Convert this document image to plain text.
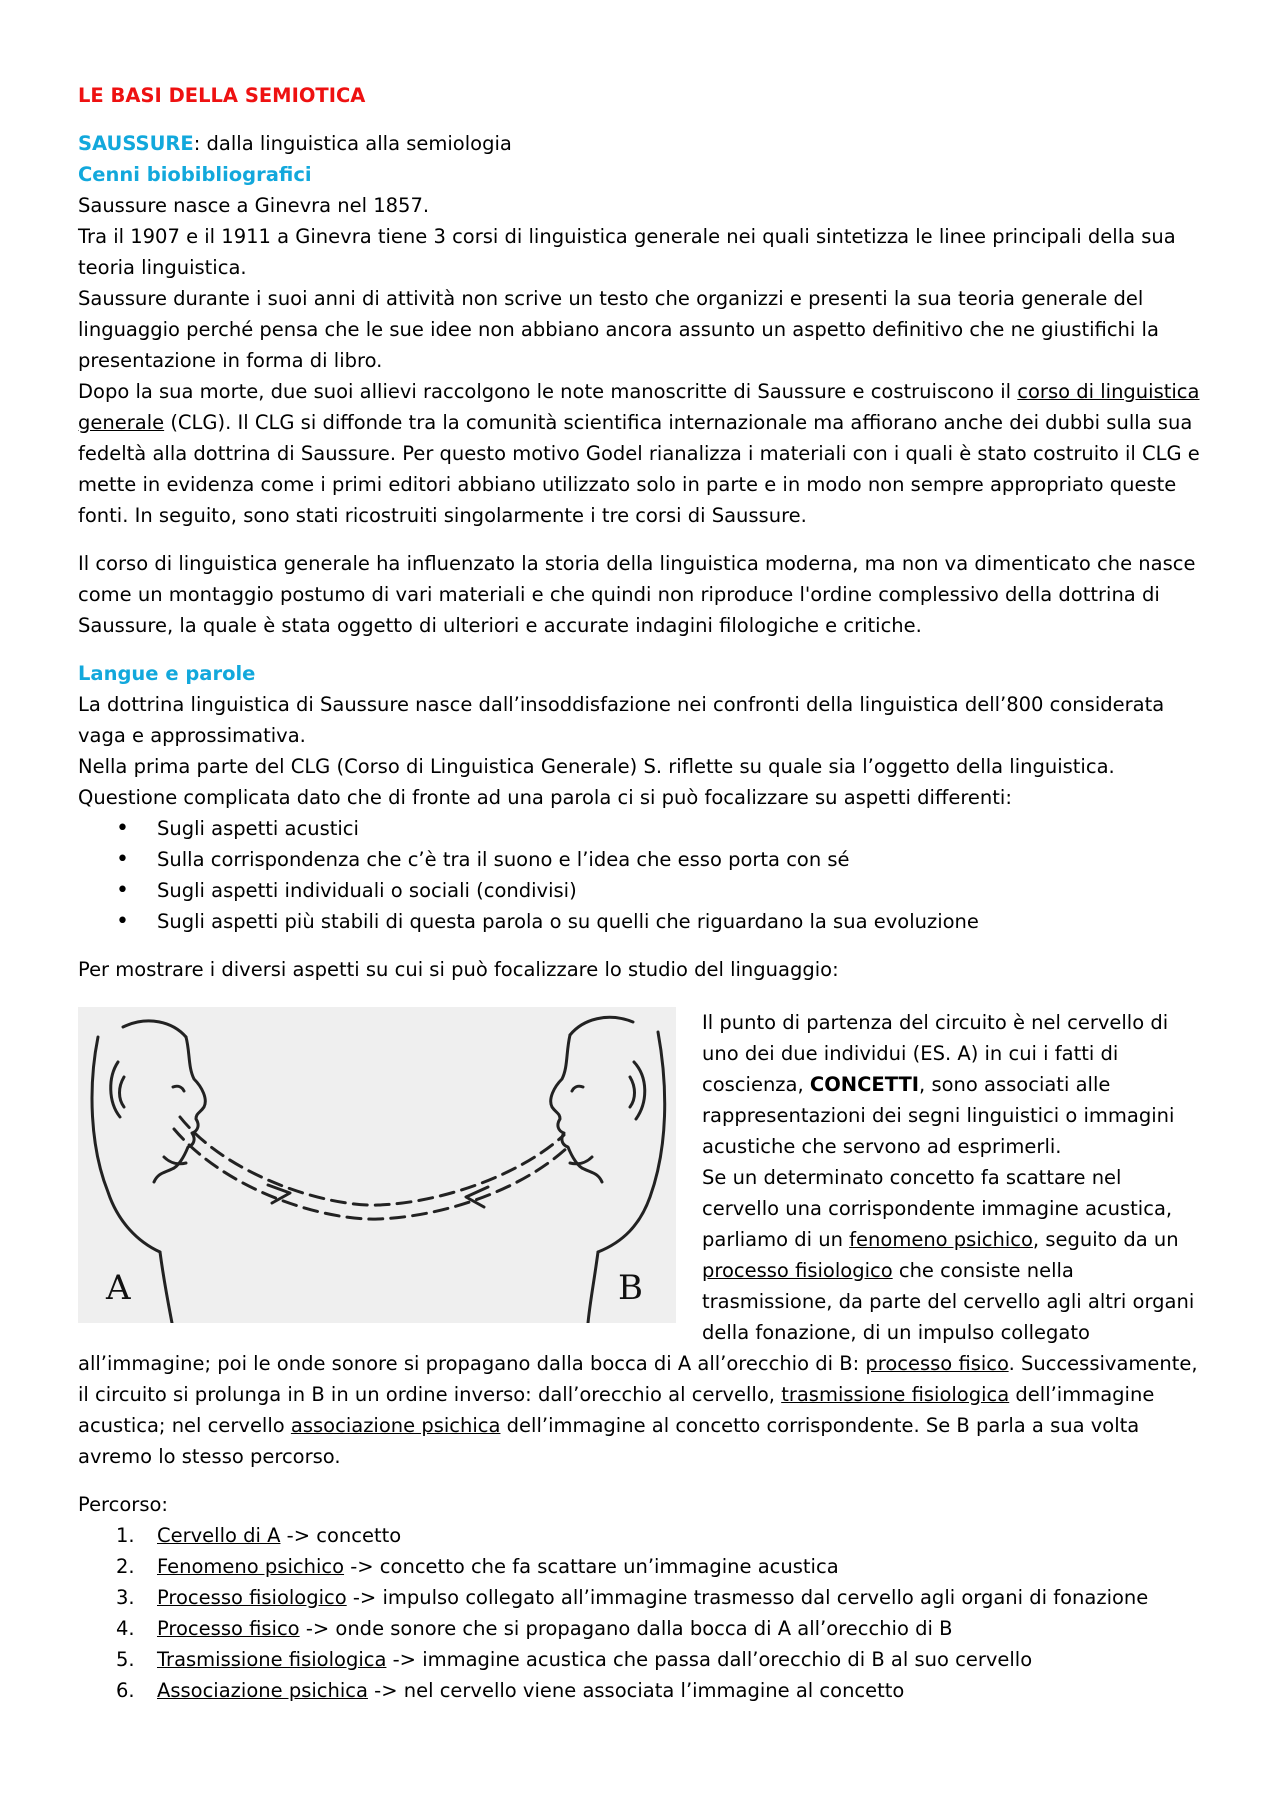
LE BASI DELLA SEMIOTICA

SAUSSURE: dalla linguistica alla semiologia

Cenni biobibliografici

Saussure nasce a Ginevra nel 1857.

Tra il 1907 e il 1911 a Ginevra tiene 3 corsi di linguistica generale nei quali sintetizza le linee principali della sua teoria linguistica.

Saussure durante i suoi anni di attività non scrive un testo che organizzi e presenti la sua teoria generale del linguaggio perché pensa che le sue idee non abbiano ancora assunto un aspetto definitivo che ne giustifichi la presentazione in forma di libro.

Dopo la sua morte, due suoi allievi raccolgono le note manoscritte di Saussure e costruiscono il corso di linguistica generale (CLG). Il CLG si diffonde tra la comunità scientifica internazionale ma affiorano anche dei dubbi sulla sua fedeltà alla dottrina di Saussure. Per questo motivo Godel rianalizza i materiali con i quali è stato costruito il CLG e mette in evidenza come i primi editori abbiano utilizzato solo in parte e in modo non sempre appropriato queste fonti. In seguito, sono stati ricostruiti singolarmente i tre corsi di Saussure.

Il corso di linguistica generale ha influenzato la storia della linguistica moderna, ma non va dimenticato che nasce come un montaggio postumo di vari materiali e che quindi non riproduce l'ordine complessivo della dottrina di Saussure, la quale è stata oggetto di ulteriori e accurate indagini filologiche e critiche.

Langue e parole

La dottrina linguistica di Saussure nasce dall’insoddisfazione nei confronti della linguistica dell’800 considerata vaga e approssimativa.

Nella prima parte del CLG (Corso di Linguistica Generale) S. riflette su quale sia l’oggetto della linguistica. Questione complicata dato che di fronte ad una parola ci si può focalizzare su aspetti differenti:

• Sugli aspetti acustici
• Sulla corrispondenza che c’è tra il suono e l’idea che esso porta con sé
• Sugli aspetti individuali o sociali (condivisi)
• Sugli aspetti più stabili di questa parola o su quelli che riguardano la sua evoluzione

Per mostrare i diversi aspetti su cui si può focalizzare lo studio del linguaggio:

A	B

Il punto di partenza del circuito è nel cervello di uno dei due individui (ES. A) in cui i fatti di coscienza, CONCETTI, sono associati alle rappresentazioni dei segni linguistici o immagini acustiche che servono ad esprimerli.

Se un determinato concetto fa scattare nel cervello una corrispondente immagine acustica, parliamo di un fenomeno psichico, seguito da un processo fisiologico che consiste nella trasmissione, da parte del cervello agli altri organi della fonazione, di un impulso collegato all’immagine; poi le onde sonore si propagano dalla bocca di A all’orecchio di B: processo fisico. Successivamente, il circuito si prolunga in B in un ordine inverso: dall’orecchio al cervello, trasmissione fisiologica dell’immagine acustica; nel cervello associazione psichica dell’immagine al concetto corrispondente. Se B parla a sua volta avremo lo stesso percorso.

Percorso:

1. Cervello di A -> concetto
2. Fenomeno psichico -> concetto che fa scattare un’immagine acustica
3. Processo fisiologico -> impulso collegato all’immagine trasmesso dal cervello agli organi di fonazione
4. Processo fisico -> onde sonore che si propagano dalla bocca di A all’orecchio di B
5. Trasmissione fisiologica -> immagine acustica che passa dall’orecchio di B al suo cervello
6. Associazione psichica -> nel cervello viene associata l’immagine al concetto
